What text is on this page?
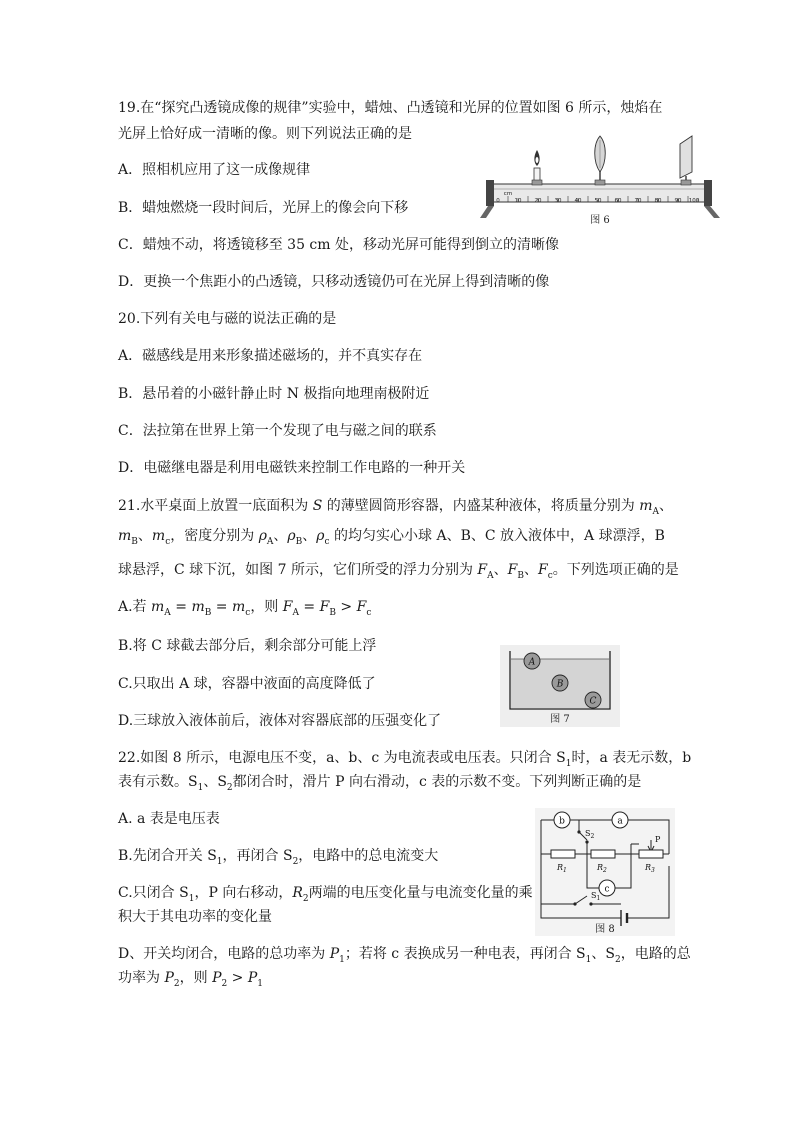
19.在“探究凸透镜成像的规律”实验中，蜡烛、凸透镜和光屏的位置如图 6 所示，烛焰在
光屏上恰好成一清晰的像。则下列说法正确的是
A．照相机应用了这一成像规律
B．蜡烛燃烧一段时间后，光屏上的像会向下移
C．蜡烛不动，将透镜移至 35 cm 处，移动光屏可能得到倒立的清晰像
D．更换一个焦距小的凸透镜，只移动透镜仍可在光屏上得到清晰的像
0	10 20 30 40 50 60 70 80 90 100
cm
图 6
20.下列有关电与磁的说法正确的是
A．磁感线是用来形象描述磁场的，并不真实存在
B．悬吊着的小磁针静止时 N 极指向地理南极附近
C．法拉第在世界上第一个发现了电与磁之间的联系
D．电磁继电器是利用电磁铁来控制工作电路的一种开关
21.水平桌面上放置一底面积为 S 的薄壁圆筒形容器，内盛某种液体，将质量分别为 $m_A$、
$m_B$、$m_c$，密度分别为 $\rho_A$、$\rho_B$、$\rho_c$ 的均匀实心小球 A、B、C 放入液体中，A 球漂浮，B
球悬浮，C 球下沉，如图 7 所示，它们所受的浮力分别为 $F_A$、$F_B$、$F_c$。下列选项正确的是
A.若 $m_A = m_B = m_c$，则 $F_A = F_B > F_c$
B.将 C 球截去部分后，剩余部分可能上浮
C.只取出 A 球，容器中液面的高度降低了
D.三球放入液体前后，液体对容器底部的压强变化了
A
B
C
图 7
22.如图 8 所示，电源电压不变，a、b、c 为电流表或电压表。只闭合 $S_1$时，a 表无示数，b
表有示数。$S_1$、$S_2$都闭合时，滑片 P 向右滑动，c 表的示数不变。下列判断正确的是
A. a 表是电压表
B.先闭合开关 $S_1$，再闭合 $S_2$，电路中的总电流变大
C.只闭合 $S_1$，P 向右移动，$R_2$两端的电压变化量与电流变化量的乘
积大于其电功率的变化量
D、开关均闭合，电路的总功率为 $P_1$；若将 c 表换成另一种电表，再闭合 $S_1$、$S_2$，电路的总
功率为 $P_2$，则 $P_2 > P_1$
b	a
c
$S_2$
$S_1$
P
$R_1$	$R_2$	$R_3$
图 8
